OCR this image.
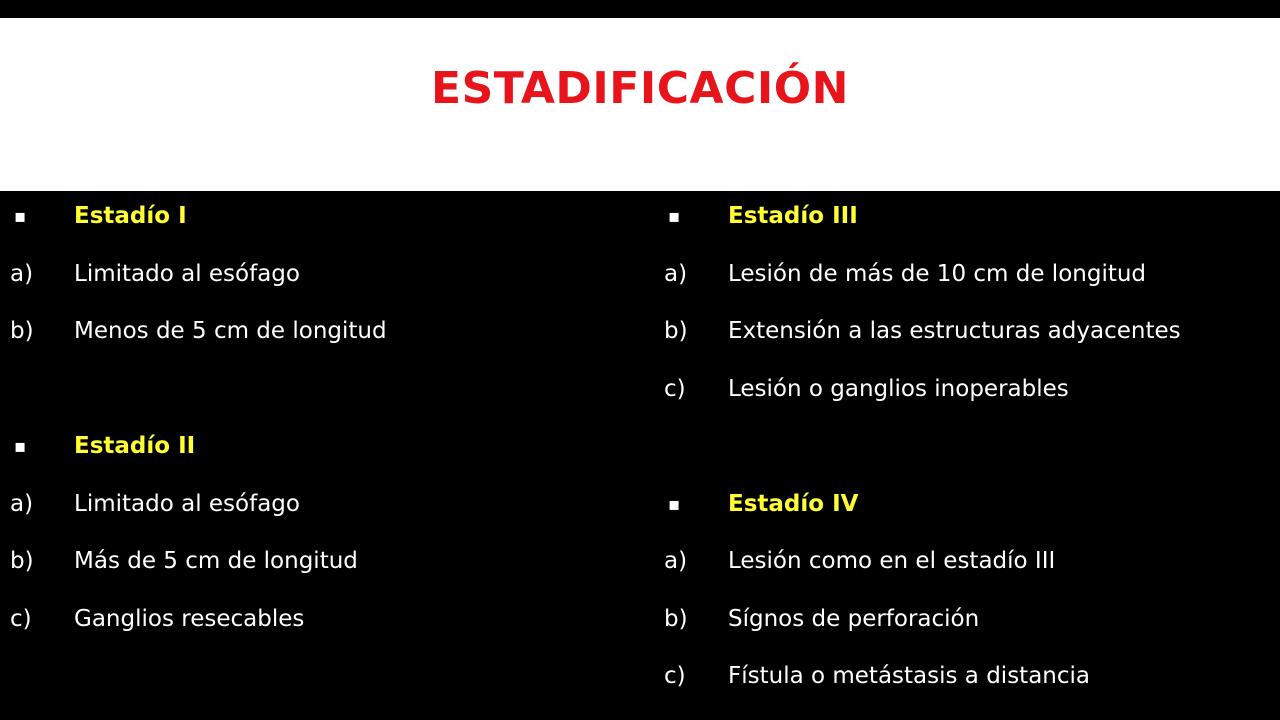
ESTADIFICACIÓN
▪ Estadío I
a) Limitado al esófago
b) Menos de 5 cm de longitud
▪ Estadío II
a) Limitado al esófago
b) Más de 5 cm de longitud
c) Ganglios resecables
▪ Estadío III
a) Lesión de más de 10 cm de longitud
b) Extensión a las estructuras adyacentes
c) Lesión o ganglios inoperables
▪ Estadío IV
a) Lesión como en el estadío III
b) Sígnos de perforación
c) Fístula o metástasis a distancia
